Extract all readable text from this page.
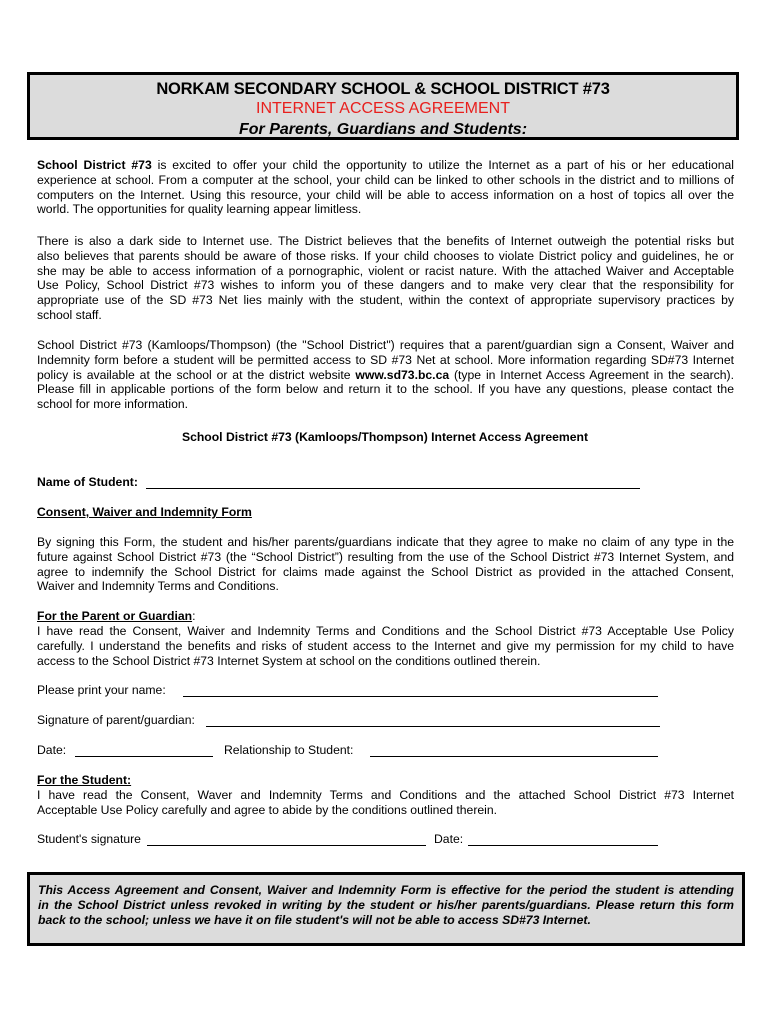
NORKAM SECONDARY SCHOOL & SCHOOL DISTRICT #73
INTERNET ACCESS AGREEMENT
For Parents, Guardians and Students:
School District #73 is excited to offer your child the opportunity to utilize the Internet as a part of his or her educational
experience at school. From a computer at the school, your child can be linked to other schools in the district and to millions of
computers on the Internet. Using this resource, your child will be able to access information on a host of topics all over the
world. The opportunities for quality learning appear limitless.
There is also a dark side to Internet use. The District believes that the benefits of Internet outweigh the potential risks but
also believes that parents should be aware of those risks. If your child chooses to violate District policy and guidelines, he or
she may be able to access information of a pornographic, violent or racist nature. With the attached Waiver and Acceptable
Use Policy, School District #73 wishes to inform you of these dangers and to make very clear that the responsibility for
appropriate use of the SD #73 Net lies mainly with the student, within the context of appropriate supervisory practices by
school staff.
School District #73 (Kamloops/Thompson) (the "School District") requires that a parent/guardian sign a Consent, Waiver and
Indemnity form before a student will be permitted access to SD #73 Net at school. More information regarding SD#73 Internet
policy is available at the school or at the district website www.sd73.bc.ca (type in Internet Access Agreement in the search).
Please fill in applicable portions of the form below and return it to the school. If you have any questions, please contact the
school for more information.
School District #73 (Kamloops/Thompson) Internet Access Agreement
Name of Student:
Consent, Waiver and Indemnity Form
By signing this Form, the student and his/her parents/guardians indicate that they agree to make no claim of any type in the
future against School District #73 (the “School District”) resulting from the use of the School District #73 Internet System, and
agree to indemnify the School District for claims made against the School District as provided in the attached Consent,
Waiver and Indemnity Terms and Conditions.
For the Parent or Guardian:
I have read the Consent, Waiver and Indemnity Terms and Conditions and the School District #73 Acceptable Use Policy
carefully. I understand the benefits and risks of student access to the Internet and give my permission for my child to have
access to the School District #73 Internet System at school on the conditions outlined therein.
Please print your name:
Signature of parent/guardian:
Date:	Relationship to Student:
For the Student:
I have read the Consent, Waver and Indemnity Terms and Conditions and the attached School District #73 Internet
Acceptable Use Policy carefully and agree to abide by the conditions outlined therein.
Student's signature	Date:
This Access Agreement and Consent, Waiver and Indemnity Form is effective for the period the student is attending
in the School District unless revoked in writing by the student or his/her parents/guardians. Please return this form
back to the school; unless we have it on file student's will not be able to access SD#73 Internet.
